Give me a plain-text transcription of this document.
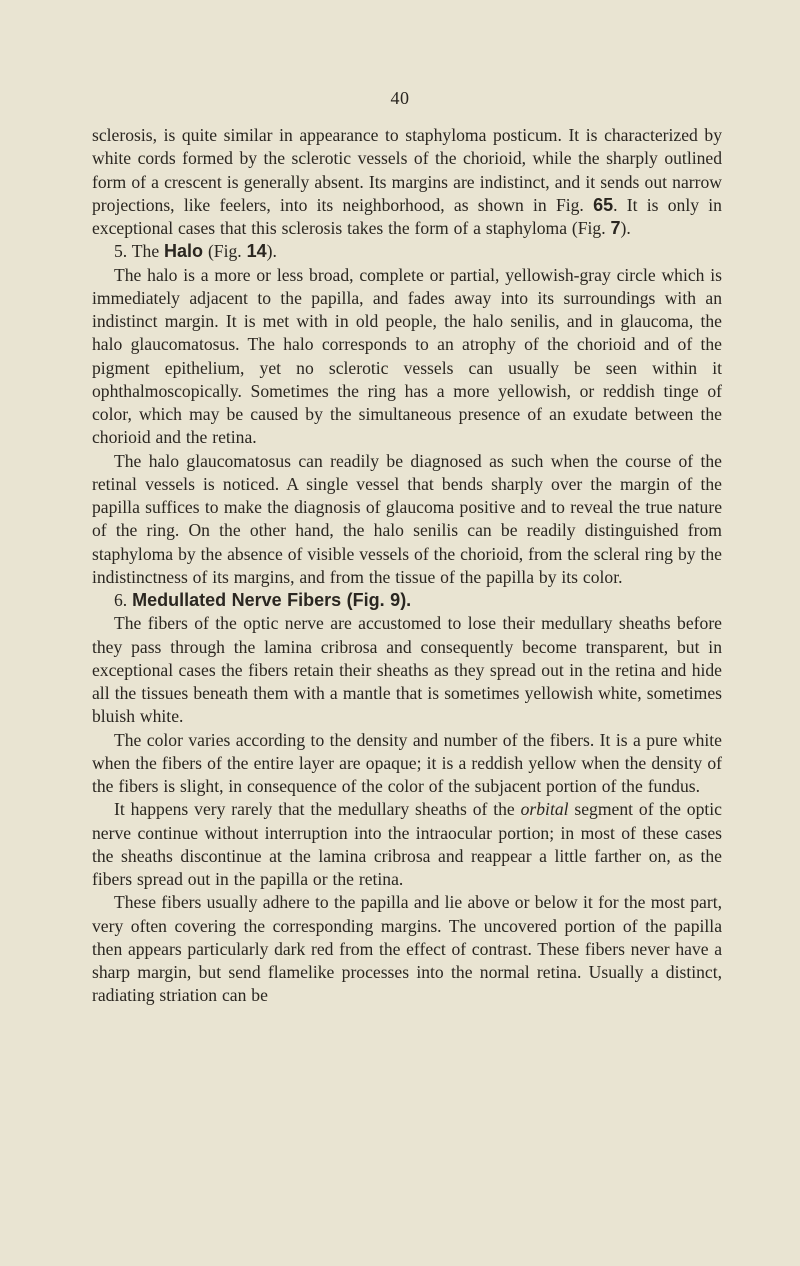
40

sclerosis, is quite similar in appearance to staphyloma posticum. It is characterized by white cords formed by the sclerotic vessels of the chorioid, while the sharply outlined form of a crescent is generally absent. Its margins are indistinct, and it sends out narrow projections, like feelers, into its neighborhood, as shown in Fig. 65. It is only in exceptional cases that this sclerosis takes the form of a staphyloma (Fig. 7).

5. The Halo (Fig. 14).

The halo is a more or less broad, complete or partial, yellowish-gray circle which is immediately adjacent to the papilla, and fades away into its surroundings with an indistinct margin. It is met with in old people, the halo senilis, and in glaucoma, the halo glaucomatosus. The halo corresponds to an atrophy of the chorioid and of the pigment epithelium, yet no sclerotic vessels can usually be seen within it ophthalmoscopically. Sometimes the ring has a more yellowish, or reddish tinge of color, which may be caused by the simultaneous presence of an exudate between the chorioid and the retina.

The halo glaucomatosus can readily be diagnosed as such when the course of the retinal vessels is noticed. A single vessel that bends sharply over the margin of the papilla suffices to make the diagnosis of glaucoma positive and to reveal the true nature of the ring. On the other hand, the halo senilis can be readily distinguished from staphyloma by the absence of visible vessels of the chorioid, from the scleral ring by the indistinctness of its margins, and from the tissue of the papilla by its color.

6. Medullated Nerve Fibers (Fig. 9).

The fibers of the optic nerve are accustomed to lose their medullary sheaths before they pass through the lamina cribrosa and consequently become transparent, but in exceptional cases the fibers retain their sheaths as they spread out in the retina and hide all the tissues beneath them with a mantle that is sometimes yellowish white, sometimes bluish white.

The color varies according to the density and number of the fibers. It is a pure white when the fibers of the entire layer are opaque; it is a reddish yellow when the density of the fibers is slight, in consequence of the color of the subjacent portion of the fundus.

It happens very rarely that the medullary sheaths of the orbital segment of the optic nerve continue without interruption into the intraocular portion; in most of these cases the sheaths discontinue at the lamina cribrosa and reappear a little farther on, as the fibers spread out in the papilla or the retina.

These fibers usually adhere to the papilla and lie above or below it for the most part, very often covering the corresponding margins. The uncovered portion of the papilla then appears particularly dark red from the effect of contrast. These fibers never have a sharp margin, but send flamelike processes into the normal retina. Usually a distinct, radiating striation can be
